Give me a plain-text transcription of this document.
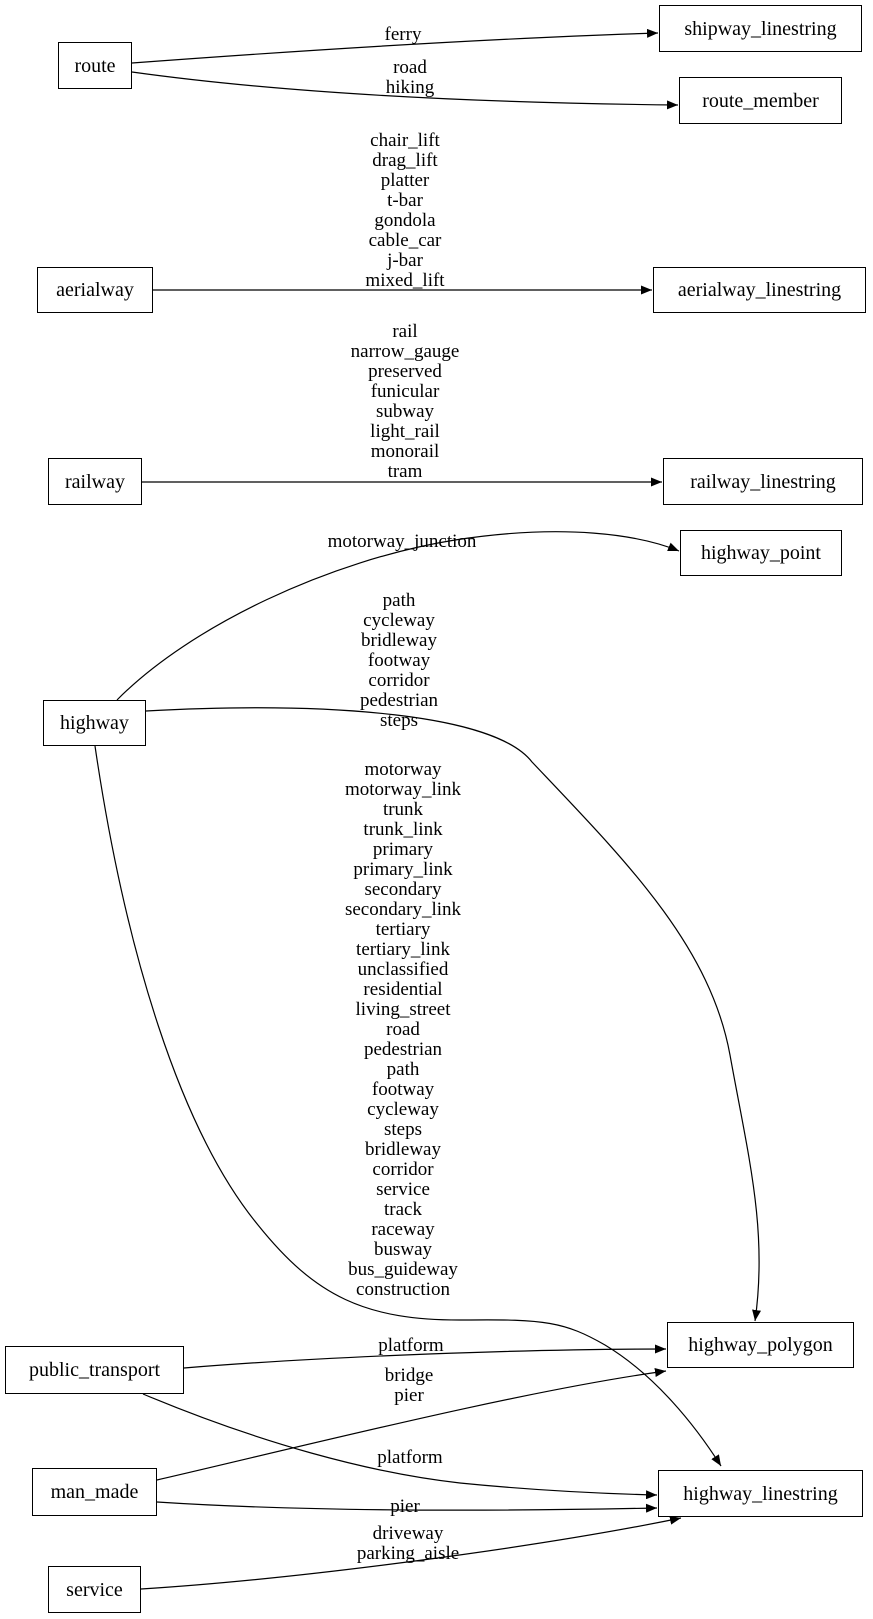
route
shipway_linestring
route_member
aerialway	aerialway_linestring
railway	railway_linestring
highway
highway_point
highway_polygon
highway_linestring
public_transport
man_made
service
ferry
road
hiking
chair_lift
drag_lift
platter
t-bar
gondola
cable_car
j-bar
mixed_lift
rail
narrow_gauge
preserved
funicular
subway
light_rail
monorail
tram
motorway_junction
path
cycleway
bridleway
footway
corridor
pedestrian
steps
motorway
motorway_link
trunk
trunk_link
primary
primary_link
secondary
secondary_link
tertiary
tertiary_link
unclassified
residential
living_street
road
pedestrian
path
footway
cycleway
steps
bridleway
corridor
service
track
raceway
busway
bus_guideway
construction
platform
bridge
pier
platform
pier
driveway
parking_aisle
